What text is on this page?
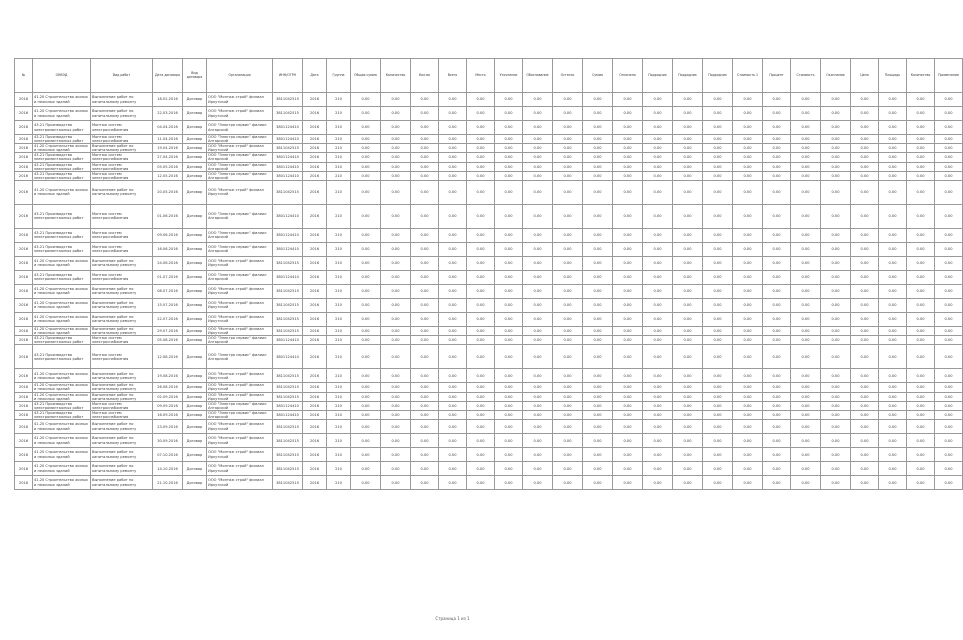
№	ОКВЭД	Вид работ	Дата договора	Вид договора	Организация	ИНН/ОГРН	Дата	Группа	Общая сумма	Количество	Кол-во	Всего	Место	Уточнение	Обоснование	Остаток	Сумма	Оплачено	Подрядчик	Подрядчик	Подрядчик	Стоимость 1	Процент	Стоимость	Окончание	Цена	Площадь	Количество	Примечание
2016	41.20 Строительство жилых и нежилых зданий	Выполнение работ по капитальному ремонту	18.02.2016	Договор	ООО "Монтаж строй" филиал Иркутский	3811042515	2016	210	0.00	0.00	0.00	0.00	0.00	0.00	0.00	0.00	0.00	0.00	0.00	0.00	0.00	0.00	0.00	0.00	0.00	0.00	0.00	0.00	0.00
2016	41.20 Строительство жилых и нежилых зданий	Выполнение работ по капитальному ремонту	22.03.2016	Договор	ООО "Монтаж строй" филиал Иркутский	3811042515	2016	210	0.00	0.00	0.00	0.00	0.00	0.00	0.00	0.00	0.00	0.00	0.00	0.00	0.00	0.00	0.00	0.00	0.00	0.00	0.00	0.00	0.00
2016	43.21 Производство электромонтажных работ	Монтаж систем электроснабжения	04.04.2016	Договор	ООО "Электро сервис" филиал Ангарский	3801124410	2016	210	0.00	0.00	0.00	0.00	0.00	0.00	0.00	0.00	0.00	0.00	0.00	0.00	0.00	0.00	0.00	0.00	0.00	0.00	0.00	0.00	0.00
2016	43.21 Производство электромонтажных работ	Монтаж систем электроснабжения	11.04.2016	Договор	ООО "Электро сервис" филиал Ангарский	3801124410	2016	210	0.00	0.00	0.00	0.00	0.00	0.00	0.00	0.00	0.00	0.00	0.00	0.00	0.00	0.00	0.00	0.00	0.00	0.00	0.00	0.00	0.00
2016	41.20 Строительство жилых и нежилых зданий	Выполнение работ по капитальному ремонту	19.04.2016	Договор	ООО "Монтаж строй" филиал Иркутский	3811042515	2016	210	0.00	0.00	0.00	0.00	0.00	0.00	0.00	0.00	0.00	0.00	0.00	0.00	0.00	0.00	0.00	0.00	0.00	0.00	0.00	0.00	0.00
2016	43.21 Производство электромонтажных работ	Монтаж систем электроснабжения	27.04.2016	Договор	ООО "Электро сервис" филиал Ангарский	3801124410	2016	210	0.00	0.00	0.00	0.00	0.00	0.00	0.00	0.00	0.00	0.00	0.00	0.00	0.00	0.00	0.00	0.00	0.00	0.00	0.00	0.00	0.00
2016	43.21 Производство электромонтажных работ	Монтаж систем электроснабжения	05.05.2016	Договор	ООО "Электро сервис" филиал Ангарский	3801124410	2016	210	0.00	0.00	0.00	0.00	0.00	0.00	0.00	0.00	0.00	0.00	0.00	0.00	0.00	0.00	0.00	0.00	0.00	0.00	0.00	0.00	0.00
2016	43.21 Производство электромонтажных работ	Монтаж систем электроснабжения	12.05.2016	Договор	ООО "Электро сервис" филиал Ангарский	3801124410	2016	210	0.00	0.00	0.00	0.00	0.00	0.00	0.00	0.00	0.00	0.00	0.00	0.00	0.00	0.00	0.00	0.00	0.00	0.00	0.00	0.00	0.00
2016	41.20 Строительство жилых и нежилых зданий	Выполнение работ по капитальному ремонту	20.05.2016	Договор	ООО "Монтаж строй" филиал Иркутский	3811042515	2016	210	0.00	0.00	0.00	0.00	0.00	0.00	0.00	0.00	0.00	0.00	0.00	0.00	0.00	0.00	0.00	0.00	0.00	0.00	0.00	0.00	0.00
2016	43.21 Производство электромонтажных работ	Монтаж систем электроснабжения	01.06.2016	Договор	ООО "Электро сервис" филиал Ангарский	3801124410	2016	210	0.00	0.00	0.00	0.00	0.00	0.00	0.00	0.00	0.00	0.00	0.00	0.00	0.00	0.00	0.00	0.00	0.00	0.00	0.00	0.00	0.00
2016	43.21 Производство электромонтажных работ	Монтаж систем электроснабжения	09.06.2016	Договор	ООО "Электро сервис" филиал Ангарский	3801124410	2016	210	0.00	0.00	0.00	0.00	0.00	0.00	0.00	0.00	0.00	0.00	0.00	0.00	0.00	0.00	0.00	0.00	0.00	0.00	0.00	0.00	0.00
2016	43.21 Производство электромонтажных работ	Монтаж систем электроснабжения	16.06.2016	Договор	ООО "Электро сервис" филиал Ангарский	3801124410	2016	210	0.00	0.00	0.00	0.00	0.00	0.00	0.00	0.00	0.00	0.00	0.00	0.00	0.00	0.00	0.00	0.00	0.00	0.00	0.00	0.00	0.00
2016	41.20 Строительство жилых и нежилых зданий	Выполнение работ по капитальному ремонту	24.06.2016	Договор	ООО "Монтаж строй" филиал Иркутский	3811042515	2016	210	0.00	0.00	0.00	0.00	0.00	0.00	0.00	0.00	0.00	0.00	0.00	0.00	0.00	0.00	0.00	0.00	0.00	0.00	0.00	0.00	0.00
2016	43.21 Производство электромонтажных работ	Монтаж систем электроснабжения	01.07.2016	Договор	ООО "Электро сервис" филиал Ангарский	3801124410	2016	210	0.00	0.00	0.00	0.00	0.00	0.00	0.00	0.00	0.00	0.00	0.00	0.00	0.00	0.00	0.00	0.00	0.00	0.00	0.00	0.00	0.00
2016	41.20 Строительство жилых и нежилых зданий	Выполнение работ по капитальному ремонту	08.07.2016	Договор	ООО "Монтаж строй" филиал Иркутский	3811042515	2016	210	0.00	0.00	0.00	0.00	0.00	0.00	0.00	0.00	0.00	0.00	0.00	0.00	0.00	0.00	0.00	0.00	0.00	0.00	0.00	0.00	0.00
2016	41.20 Строительство жилых и нежилых зданий	Выполнение работ по капитальному ремонту	15.07.2016	Договор	ООО "Монтаж строй" филиал Иркутский	3811042515	2016	210	0.00	0.00	0.00	0.00	0.00	0.00	0.00	0.00	0.00	0.00	0.00	0.00	0.00	0.00	0.00	0.00	0.00	0.00	0.00	0.00	0.00
2016	41.20 Строительство жилых и нежилых зданий	Выполнение работ по капитальному ремонту	22.07.2016	Договор	ООО "Монтаж строй" филиал Иркутский	3811042515	2016	210	0.00	0.00	0.00	0.00	0.00	0.00	0.00	0.00	0.00	0.00	0.00	0.00	0.00	0.00	0.00	0.00	0.00	0.00	0.00	0.00	0.00
2016	41.20 Строительство жилых и нежилых зданий	Выполнение работ по капитальному ремонту	29.07.2016	Договор	ООО "Монтаж строй" филиал Иркутский	3811042515	2016	210	0.00	0.00	0.00	0.00	0.00	0.00	0.00	0.00	0.00	0.00	0.00	0.00	0.00	0.00	0.00	0.00	0.00	0.00	0.00	0.00	0.00
2016	43.21 Производство электромонтажных работ	Монтаж систем электроснабжения	05.08.2016	Договор	ООО "Электро сервис" филиал Ангарский	3801124410	2016	210	0.00	0.00	0.00	0.00	0.00	0.00	0.00	0.00	0.00	0.00	0.00	0.00	0.00	0.00	0.00	0.00	0.00	0.00	0.00	0.00	0.00
2016	43.21 Производство электромонтажных работ	Монтаж систем электроснабжения	12.08.2016	Договор	ООО "Электро сервис" филиал Ангарский	3801124410	2016	210	0.00	0.00	0.00	0.00	0.00	0.00	0.00	0.00	0.00	0.00	0.00	0.00	0.00	0.00	0.00	0.00	0.00	0.00	0.00	0.00	0.00
2016	41.20 Строительство жилых и нежилых зданий	Выполнение работ по капитальному ремонту	19.08.2016	Договор	ООО "Монтаж строй" филиал Иркутский	3811042515	2016	210	0.00	0.00	0.00	0.00	0.00	0.00	0.00	0.00	0.00	0.00	0.00	0.00	0.00	0.00	0.00	0.00	0.00	0.00	0.00	0.00	0.00
2016	41.20 Строительство жилых и нежилых зданий	Выполнение работ по капитальному ремонту	26.08.2016	Договор	ООО "Монтаж строй" филиал Иркутский	3811042515	2016	210	0.00	0.00	0.00	0.00	0.00	0.00	0.00	0.00	0.00	0.00	0.00	0.00	0.00	0.00	0.00	0.00	0.00	0.00	0.00	0.00	0.00
2016	41.20 Строительство жилых и нежилых зданий	Выполнение работ по капитальному ремонту	02.09.2016	Договор	ООО "Монтаж строй" филиал Иркутский	3811042515	2016	210	0.00	0.00	0.00	0.00	0.00	0.00	0.00	0.00	0.00	0.00	0.00	0.00	0.00	0.00	0.00	0.00	0.00	0.00	0.00	0.00	0.00
2016	43.21 Производство электромонтажных работ	Монтаж систем электроснабжения	09.09.2016	Договор	ООО "Электро сервис" филиал Ангарский	3801124410	2016	210	0.00	0.00	0.00	0.00	0.00	0.00	0.00	0.00	0.00	0.00	0.00	0.00	0.00	0.00	0.00	0.00	0.00	0.00	0.00	0.00	0.00
2016	43.21 Производство электромонтажных работ	Монтаж систем электроснабжения	16.09.2016	Договор	ООО "Электро сервис" филиал Ангарский	3801124410	2016	210	0.00	0.00	0.00	0.00	0.00	0.00	0.00	0.00	0.00	0.00	0.00	0.00	0.00	0.00	0.00	0.00	0.00	0.00	0.00	0.00	0.00
2016	41.20 Строительство жилых и нежилых зданий	Выполнение работ по капитальному ремонту	23.09.2016	Договор	ООО "Монтаж строй" филиал Иркутский	3811042515	2016	210	0.00	0.00	0.00	0.00	0.00	0.00	0.00	0.00	0.00	0.00	0.00	0.00	0.00	0.00	0.00	0.00	0.00	0.00	0.00	0.00	0.00
2016	41.20 Строительство жилых и нежилых зданий	Выполнение работ по капитальному ремонту	30.09.2016	Договор	ООО "Монтаж строй" филиал Иркутский	3811042515	2016	210	0.00	0.00	0.00	0.00	0.00	0.00	0.00	0.00	0.00	0.00	0.00	0.00	0.00	0.00	0.00	0.00	0.00	0.00	0.00	0.00	0.00
2016	41.20 Строительство жилых и нежилых зданий	Выполнение работ по капитальному ремонту	07.10.2016	Договор	ООО "Монтаж строй" филиал Иркутский	3811042515	2016	210	0.00	0.00	0.00	0.00	0.00	0.00	0.00	0.00	0.00	0.00	0.00	0.00	0.00	0.00	0.00	0.00	0.00	0.00	0.00	0.00	0.00
2016	41.20 Строительство жилых и нежилых зданий	Выполнение работ по капитальному ремонту	14.10.2016	Договор	ООО "Монтаж строй" филиал Иркутский	3811042515	2016	210	0.00	0.00	0.00	0.00	0.00	0.00	0.00	0.00	0.00	0.00	0.00	0.00	0.00	0.00	0.00	0.00	0.00	0.00	0.00	0.00	0.00
2016	41.20 Строительство жилых и нежилых зданий	Выполнение работ по капитальному ремонту	21.10.2016	Договор	ООО "Монтаж строй" филиал Иркутский	3811042515	2016	210	0.00	0.00	0.00	0.00	0.00	0.00	0.00	0.00	0.00	0.00	0.00	0.00	0.00	0.00	0.00	0.00	0.00	0.00	0.00	0.00	0.00
Страница 1 из 1
